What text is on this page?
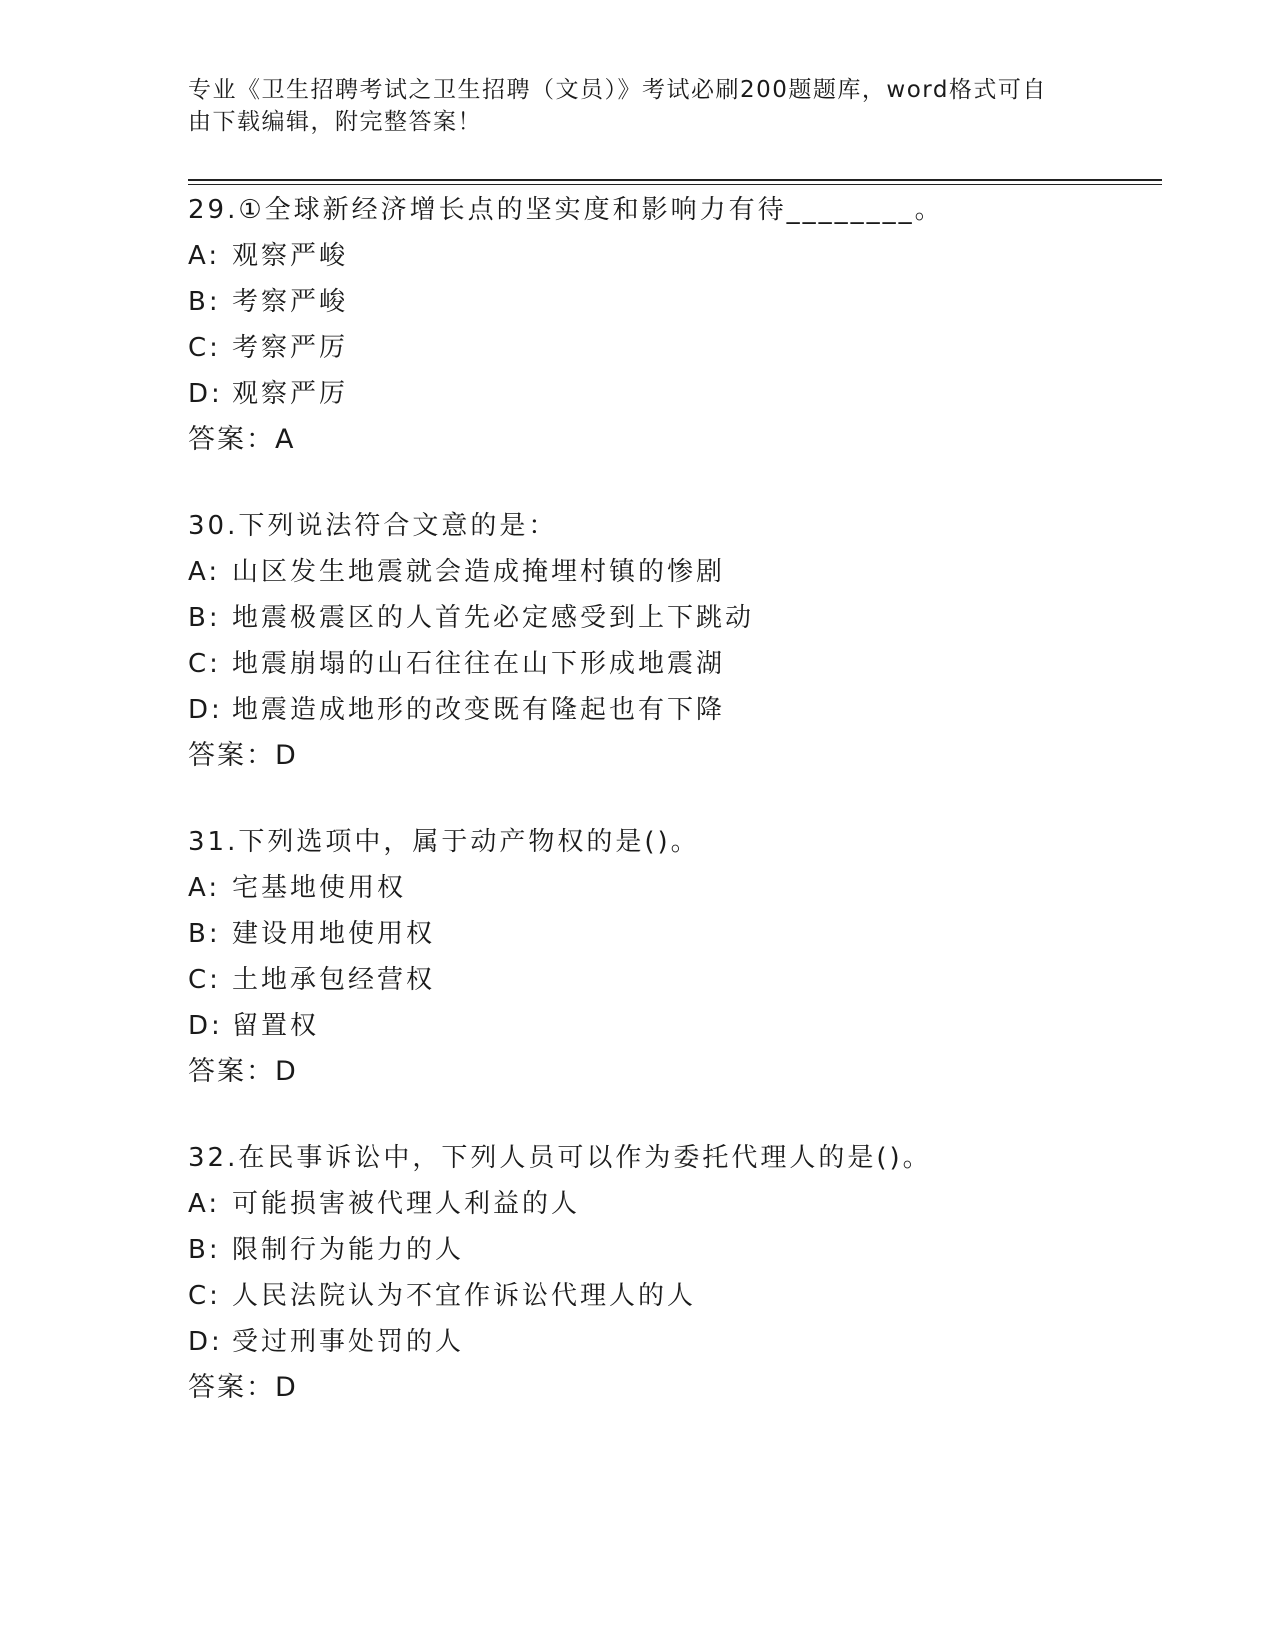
专业《卫生招聘考试之卫生招聘（文员）》考试必刷200题题库，word格式可自
由下载编辑，附完整答案！
29.①全球新经济增长点的坚实度和影响力有待________。
A: 观察严峻
B: 考察严峻
C: 考察严厉
D: 观察严厉
答案：A
30.下列说法符合文意的是：
A: 山区发生地震就会造成掩埋村镇的惨剧
B: 地震极震区的人首先必定感受到上下跳动
C: 地震崩塌的山石往往在山下形成地震湖
D: 地震造成地形的改变既有隆起也有下降
答案：D
31.下列选项中，属于动产物权的是()。
A: 宅基地使用权
B: 建设用地使用权
C: 土地承包经营权
D: 留置权
答案：D
32.在民事诉讼中，下列人员可以作为委托代理人的是()。
A: 可能损害被代理人利益的人
B: 限制行为能力的人
C: 人民法院认为不宜作诉讼代理人的人
D: 受过刑事处罚的人
答案：D
